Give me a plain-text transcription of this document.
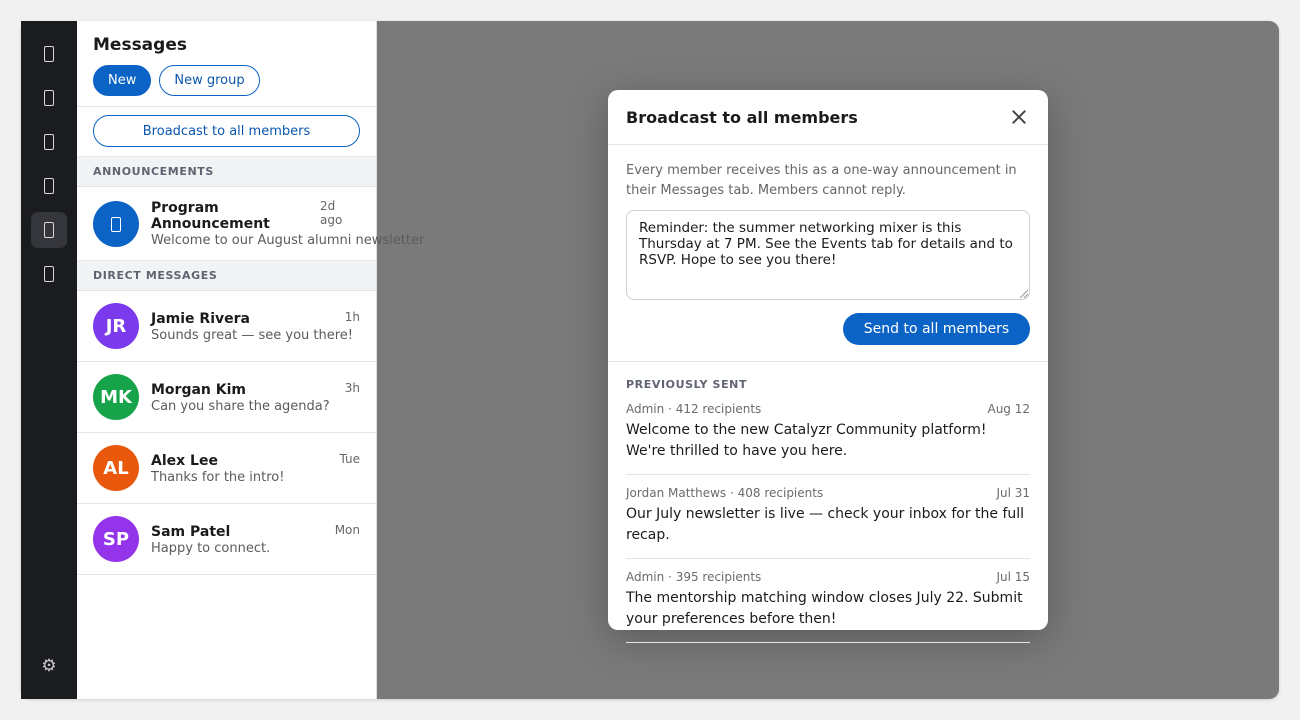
⚙
Messages
New	New group
Broadcast to all members
ANNOUNCEMENTS
Program Announcement
2d ago
Welcome to our August alumni newsletter
DIRECT MESSAGES
JR	Jamie Rivera	1h
Sounds great — see you there!
MK	Morgan Kim	3h
Can you share the agenda?
AL	Alex Lee	Tue
Thanks for the intro!
SP	Sam Patel	Mon
Happy to connect.
Broadcast to all members
Every member receives this as a one-way announcement in their Messages tab. Members cannot reply.
Reminder: the summer networking mixer is this Thursday at 7 PM. See the Events tab for details and to RSVP. Hope to see you there!
Send to all members
PREVIOUSLY SENT
Admin · 412 recipients	Aug 12
Welcome to the new Catalyzr Community platform! We're thrilled to have you here.
Jordan Matthews · 408 recipients	Jul 31
Our July newsletter is live — check your inbox for the full recap.
Admin · 395 recipients	Jul 15
The mentorship matching window closes July 22. Submit your preferences before then!
